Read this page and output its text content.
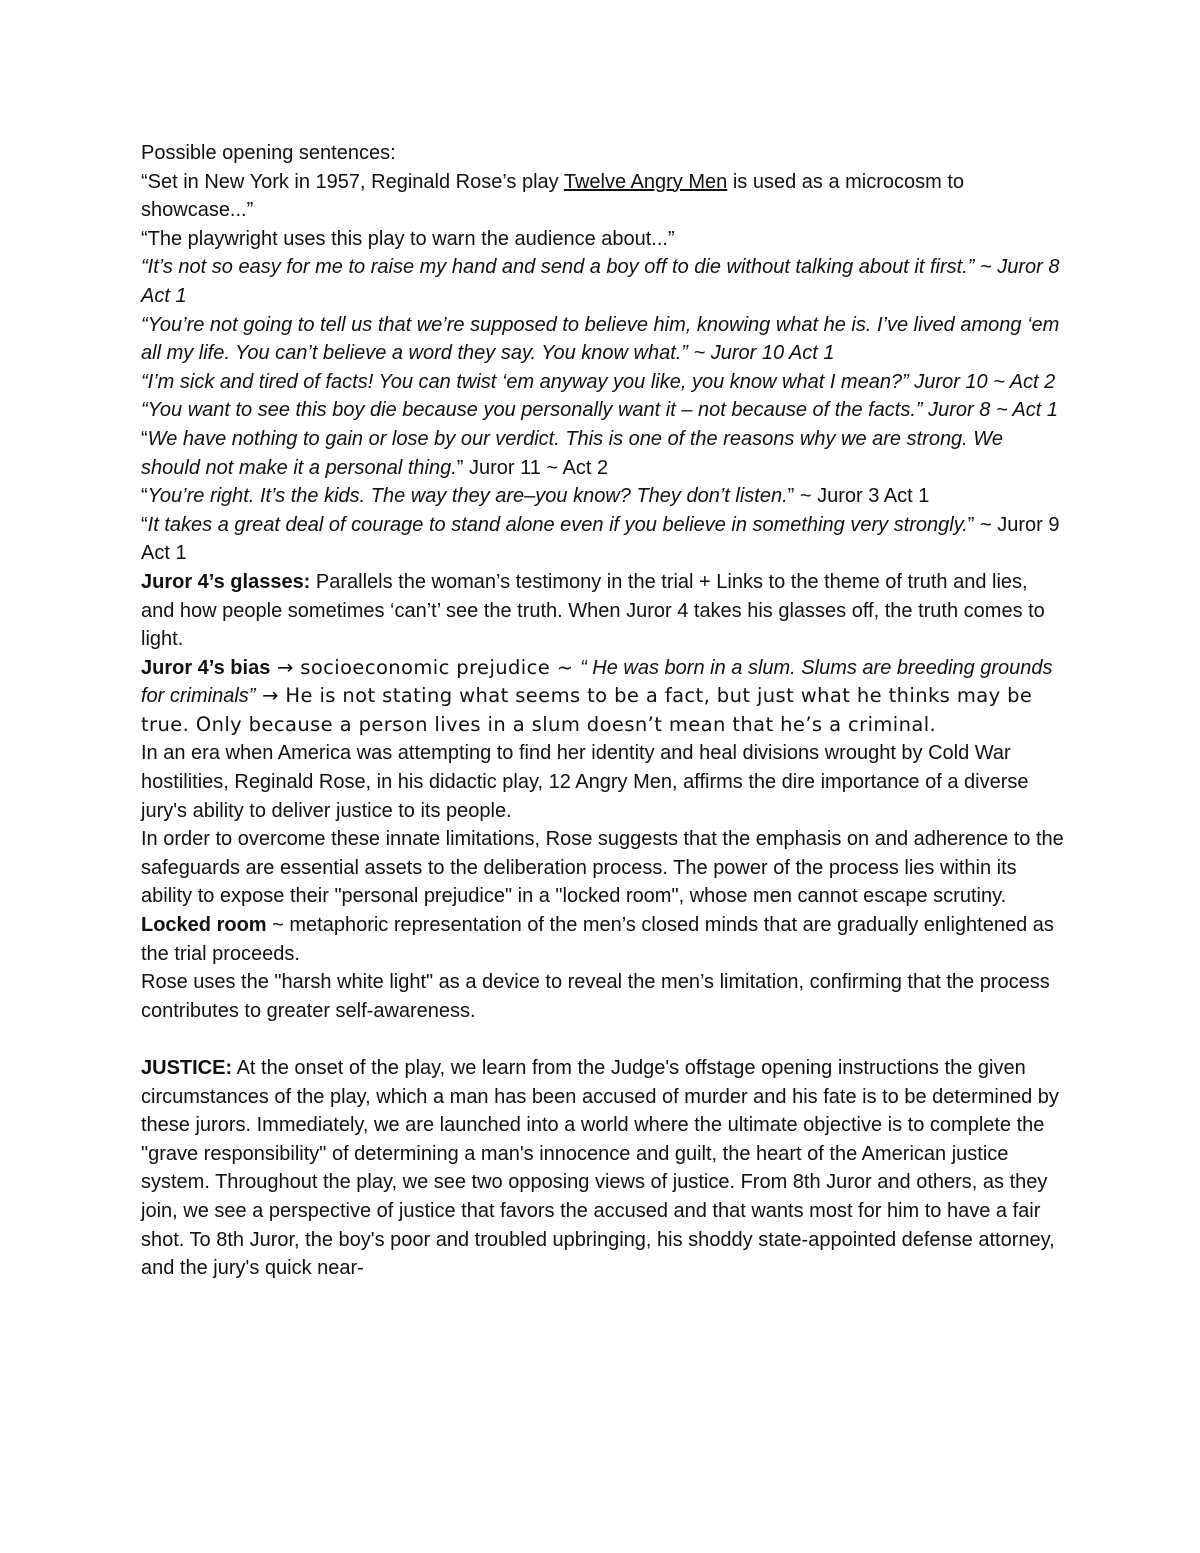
Possible opening sentences:

“Set in New York in 1957, Reginald Rose’s play Twelve Angry Men is used as a microcosm to showcase...”

“The playwright uses this play to warn the audience about...”

“It’s not so easy for me to raise my hand and send a boy off to die without talking about it first.” ~ Juror 8 Act 1

“You’re not going to tell us that we’re supposed to believe him, knowing what he is. I’ve lived among ‘em all my life. You can’t believe a word they say. You know what.” ~ Juror 10 Act 1

“I’m sick and tired of facts! You can twist ‘em anyway you like, you know what I mean?” Juror 10 ~ Act 2

“You want to see this boy die because you personally want it – not because of the facts.” Juror 8 ~ Act 1

“We have nothing to gain or lose by our verdict. This is one of the reasons why we are strong. We should not make it a personal thing.” Juror 11 ~ Act 2

“You’re right. It’s the kids. The way they are–you know? They don’t listen.” ~ Juror 3 Act 1

“It takes a great deal of courage to stand alone even if you believe in something very strongly.” ~ Juror 9 Act 1

Juror 4’s glasses: Parallels the woman’s testimony in the trial + Links to the theme of truth and lies, and how people sometimes ‘can’t’ see the truth. When Juror 4 takes his glasses off, the truth comes to light.

Juror 4’s bias → socioeconomic prejudice ~ “ He was born in a slum. Slums are breeding grounds for criminals” → He is not stating what seems to be a fact, but just what he thinks may be true. Only because a person lives in a slum doesn’t mean that he’s a criminal.

In an era when America was attempting to find her identity and heal divisions wrought by Cold War hostilities, Reginald Rose, in his didactic play, 12 Angry Men, affirms the dire importance of a diverse jury's ability to deliver justice to its people.

In order to overcome these innate limitations, Rose suggests that the emphasis on and adherence to the safeguards are essential assets to the deliberation process. The power of the process lies within its ability to expose their "personal prejudice" in a "locked room", whose men cannot escape scrutiny.

Locked room ~ metaphoric representation of the men’s closed minds that are gradually enlightened as the trial proceeds.

Rose uses the "harsh white light" as a device to reveal the men’s limitation, confirming that the process contributes to greater self-awareness.

JUSTICE: At the onset of the play, we learn from the Judge's offstage opening instructions the given circumstances of the play, which a man has been accused of murder and his fate is to be determined by these jurors. Immediately, we are launched into a world where the ultimate objective is to complete the "grave responsibility" of determining a man's innocence and guilt, the heart of the American justice system. Throughout the play, we see two opposing views of justice. From 8th Juror and others, as they join, we see a perspective of justice that favors the accused and that wants most for him to have a fair shot. To 8th Juror, the boy's poor and troubled upbringing, his shoddy state-appointed defense attorney, and the jury's quick near-
